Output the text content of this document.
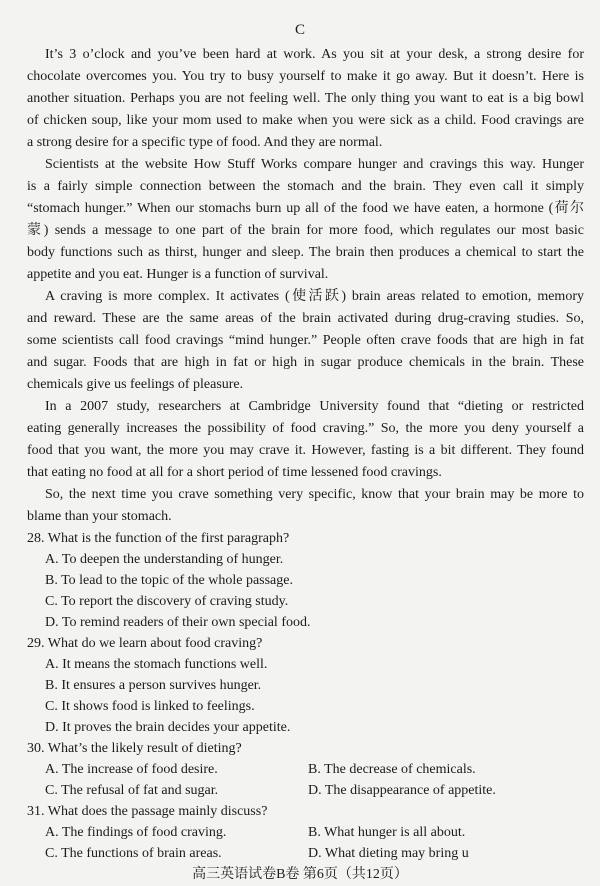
C
It’s 3 o’clock and you’ve been hard at work. As you sit at your desk, a strong desire for
chocolate overcomes you. You try to busy yourself to make it go away. But it doesn’t. Here is
another situation. Perhaps you are not feeling well. The only thing you want to eat is a big bowl
of chicken soup, like your mom used to make when you were sick as a child. Food cravings are
a strong desire for a specific type of food. And they are normal.
Scientists at the website How Stuff Works compare hunger and cravings this way. Hunger
is a fairly simple connection between the stomach and the brain. They even call it simply
“stomach hunger.” When our stomachs burn up all of the food we have eaten, a hormone (荷尔
蒙) sends a message to one part of the brain for more food, which regulates our most basic
body functions such as thirst, hunger and sleep. The brain then produces a chemical to start the
appetite and you eat. Hunger is a function of survival.
A craving is more complex. It activates (使活跃) brain areas related to emotion, memory
and reward. These are the same areas of the brain activated during drug-craving studies. So,
some scientists call food cravings “mind hunger.” People often crave foods that are high in fat
and sugar. Foods that are high in fat or high in sugar produce chemicals in the brain. These
chemicals give us feelings of pleasure.
In a 2007 study, researchers at Cambridge University found that “dieting or restricted
eating generally increases the possibility of food craving.” So, the more you deny yourself a
food that you want, the more you may crave it. However, fasting is a bit different. They found
that eating no food at all for a short period of time lessened food cravings.
So, the next time you crave something very specific, know that your brain may be more to
blame than your stomach.
28. What is the function of the first paragraph?
A. To deepen the understanding of hunger.
B. To lead to the topic of the whole passage.
C. To report the discovery of craving study.
D. To remind readers of their own special food.
29. What do we learn about food craving?
A. It means the stomach functions well.
B. It ensures a person survives hunger.
C. It shows food is linked to feelings.
D. It proves the brain decides your appetite.
30. What’s the likely result of dieting?
A. The increase of food desire.	B. The decrease of chemicals.
C. The refusal of fat and sugar.	D. The disappearance of appetite.
31. What does the passage mainly discuss?
A. The findings of food craving.	B. What hunger is all about.
C. The functions of brain areas.	D. What dieting may bring u
高三英语试卷B卷 第6页（共12页）
